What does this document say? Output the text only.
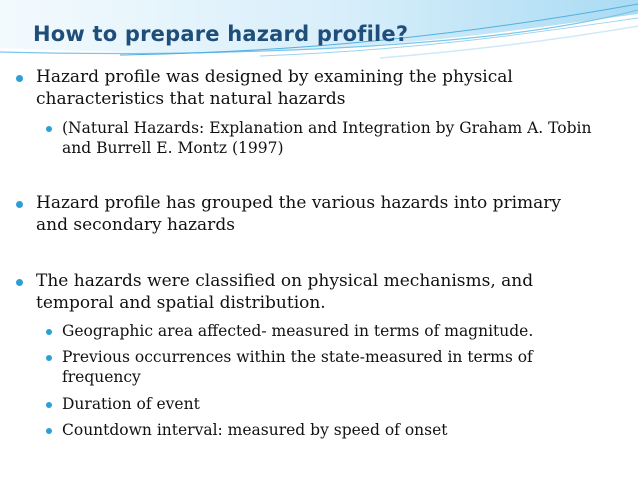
How to prepare hazard profile?
Hazard profile was designed by examining the physical characteristics that natural hazards
(Natural Hazards: Explanation and Integration by Graham A. Tobin and Burrell E. Montz (1997)
Hazard profile has grouped the various hazards into primary and secondary hazards
The hazards were classified on physical mechanisms, and temporal and spatial distribution.
Geographic area affected- measured in terms of magnitude.
Previous occurrences within the state-measured in terms of frequency
Duration of event
Countdown interval: measured by speed of onset
